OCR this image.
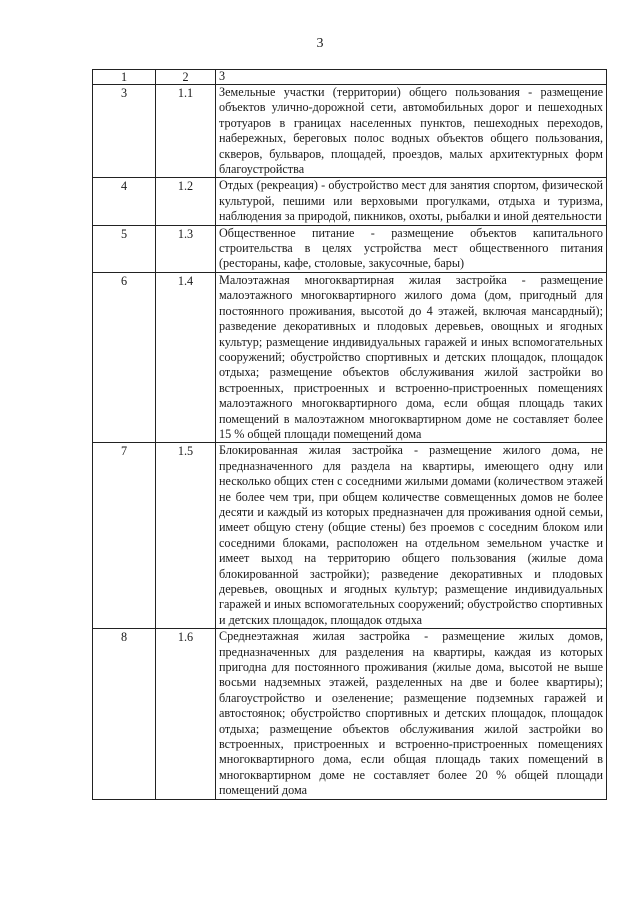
3
1	2	3
3	1.1	Земельные участки (территории) общего пользования - размещение объектов улично-дорожной сети, автомобильных дорог и пешеходных тротуаров в границах населенных пунктов, пешеходных переходов, набережных, береговых полос водных объектов общего пользования, скверов, бульваров, площадей, проездов, малых архитектурных форм благоустройства
4	1.2	Отдых (рекреация) - обустройство мест для занятия спортом, физической культурой, пешими или верховыми прогулками, отдыха и туризма, наблюдения за природой, пикников, охоты, рыбалки и иной деятельности
5	1.3	Общественное питание - размещение объектов капитального строительства в целях устройства мест общественного питания (рестораны, кафе, столовые, закусочные, бары)
6	1.4	Малоэтажная многоквартирная жилая застройка - размещение малоэтажного многоквартирного жилого дома (дом, пригодный для постоянного проживания, высотой до 4 этажей, включая мансардный); разведение декоративных и плодовых деревьев, овощных и ягодных культур; размещение индивидуальных гаражей и иных вспомогательных сооружений; обустройство спортивных и детских площадок, площадок отдыха; размещение объектов обслуживания жилой застройки во встроенных, пристроенных и встроенно-пристроенных помещениях малоэтажного многоквартирного дома, если общая площадь таких помещений в малоэтажном многоквартирном доме не составляет более 15 % общей площади помещений дома
7	1.5	Блокированная жилая застройка - размещение жилого дома, не предназначенного для раздела на квартиры, имеющего одну или несколько общих стен с соседними жилыми домами (количеством этажей не более чем три, при общем количестве совмещенных домов не более десяти и каждый из которых предназначен для проживания одной семьи, имеет общую стену (общие стены) без проемов с соседним блоком или соседними блоками, расположен на отдельном земельном участке и имеет выход на территорию общего пользования (жилые дома блокированной застройки); разведение декоративных и плодовых деревьев, овощных и ягодных культур; размещение индивидуальных гаражей и иных вспомогательных сооружений; обустройство спортивных и детских площадок, площадок отдыха
8	1.6	Среднеэтажная жилая застройка - размещение жилых домов, предназначенных для разделения на квартиры, каждая из которых пригодна для постоянного проживания (жилые дома, высотой не выше восьми надземных этажей, разделенных на две и более квартиры); благоустройство и озеленение; размещение подземных гаражей и автостоянок; обустройство спортивных и детских площадок, площадок отдыха; размещение объектов обслуживания жилой застройки во встроенных, пристроенных и встроенно-пристроенных помещениях многоквартирного дома, если общая площадь таких помещений в многоквартирном доме не составляет более 20 % общей площади помещений дома
